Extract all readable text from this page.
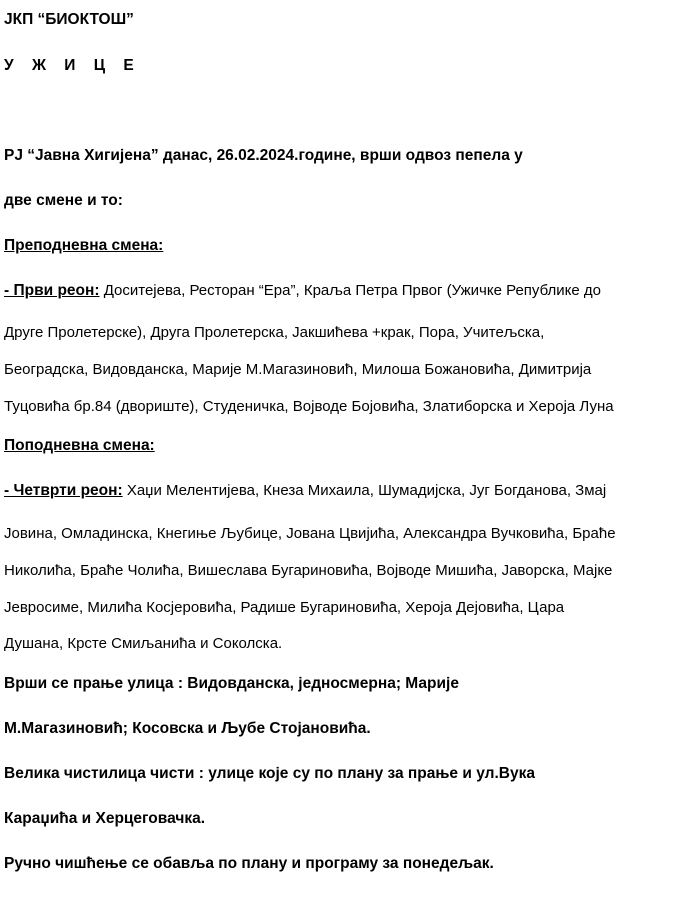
ЈКП “БИОКТОШ”
У Ж И Ц Е
РЈ “Јавна Хигијена” данас, 26.02.2024.године, врши одвоз пепела у
две смене и то:
Преподневна смена:
- Први реон: Доситејева, Ресторан “Ера”, Краља Петра Првог (Ужичке Републике до
Друге Пролетерске), Друга Пролетерска, Јакшићева +крак, Пора, Учитељска,
Београдска, Видовданска, Марије М.Магазиновић, Милоша Божановића, Димитрија
Туцовића бр.84 (двориште), Студеничка, Војводе Бојовића, Златиборска и Хероја Луна
Поподневна смена:
- Четврти реон: Хаџи Мелентијева, Кнеза Михаила, Шумадијска, Југ Богданова, Змај
Јовина, Омладинска, Кнегиње Љубице, Јована Цвијића, Александра Вучковића, Браће
Николића, Браће Чолића, Вишеслава Бугариновића, Војводе Мишића, Јаворска, Мајке
Јевросиме, Милића Косјеровића, Радише Бугариновића, Хероја Дејовића, Цара
Душана, Крсте Смиљанића и Соколска.
Врши се прање улица : Видовданска, једносмерна; Марије
М.Магазиновић; Косовска и Љубе Стојановића.
Велика чистилица чисти : улице које су по плану за прање и ул.Вука
Караџића и Херцеговачка.
Ручно чишћење се обавља по плану и програму за понедељак.
